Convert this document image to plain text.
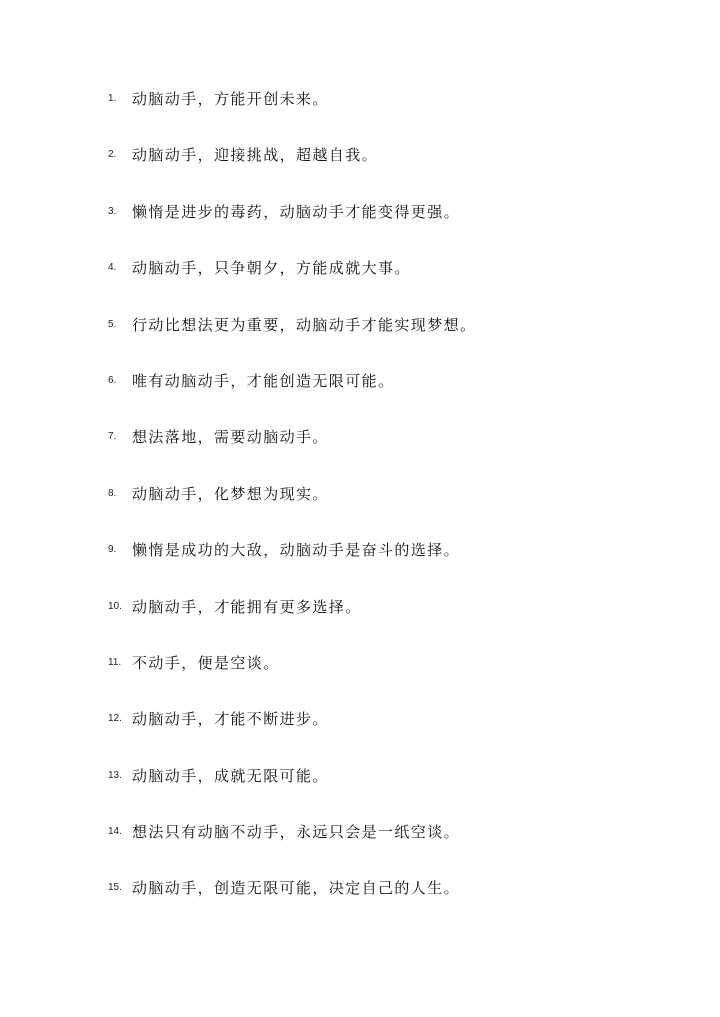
1.	动脑动手，方能开创未来。
2.	动脑动手，迎接挑战，超越自我。
3.	懒惰是进步的毒药，动脑动手才能变得更强。
4.	动脑动手，只争朝夕，方能成就大事。
5.	行动比想法更为重要，动脑动手才能实现梦想。
6.	唯有动脑动手，才能创造无限可能。
7.	想法落地，需要动脑动手。
8.	动脑动手，化梦想为现实。
9.	懒惰是成功的大敌，动脑动手是奋斗的选择。
10. 动脑动手，才能拥有更多选择。
11. 不动手，便是空谈。
12. 动脑动手，才能不断进步。
13. 动脑动手，成就无限可能。
14. 想法只有动脑不动手，永远只会是一纸空谈。
15. 动脑动手，创造无限可能，决定自己的人生。
